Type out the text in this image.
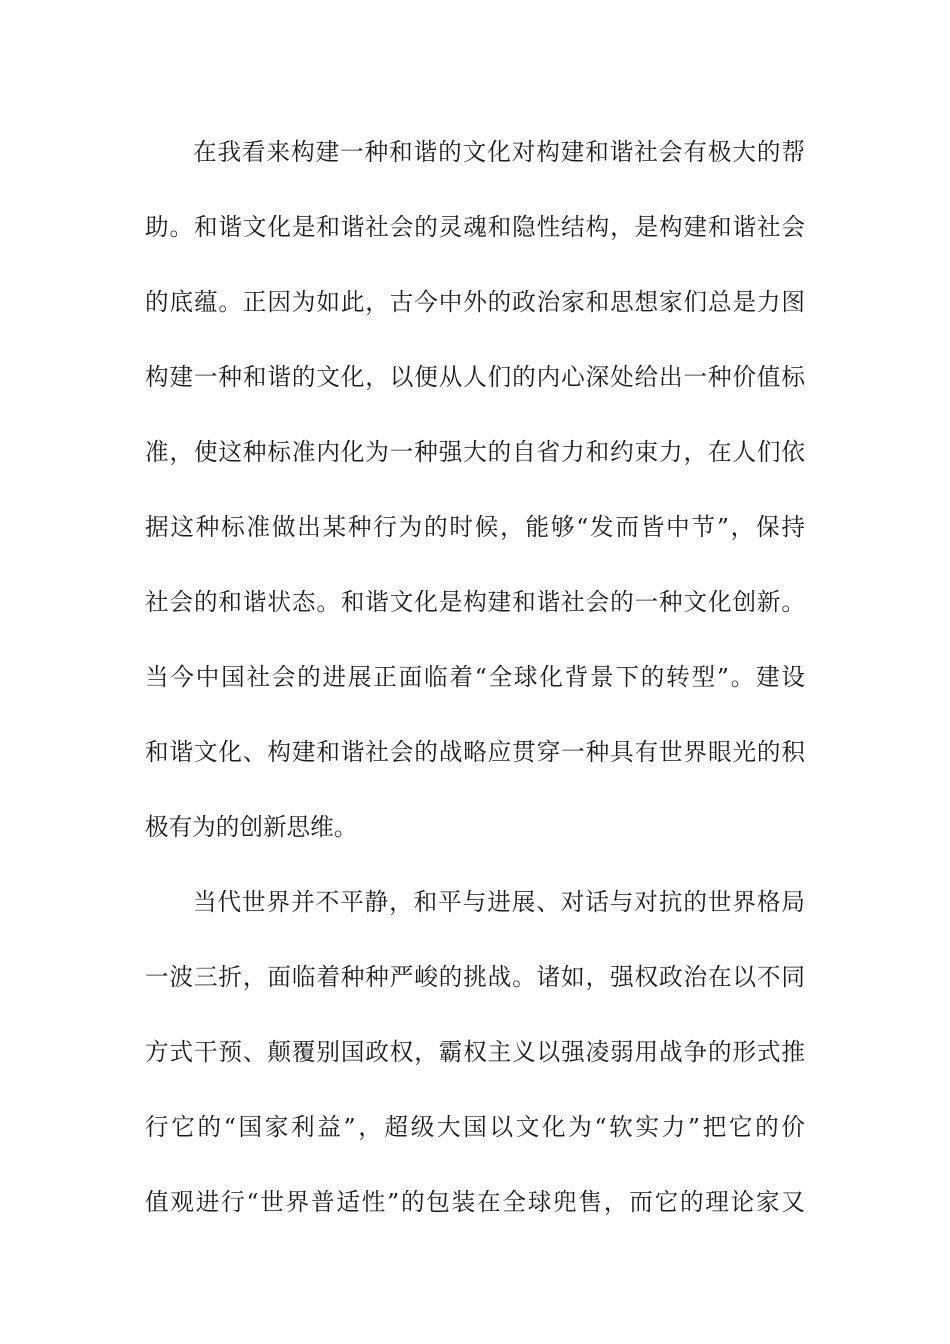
在我看来构建一种和谐的文化对构建和谐社会有极大的帮
助。和谐文化是和谐社会的灵魂和隐性结构，是构建和谐社会
的底蕴。正因为如此，古今中外的政治家和思想家们总是力图
构建一种和谐的文化，以便从人们的内心深处给出一种价值标
准，使这种标准内化为一种强大的自省力和约束力，在人们依
据这种标准做出某种行为的时候，能够“发而皆中节”，保持
社会的和谐状态。和谐文化是构建和谐社会的一种文化创新。
当今中国社会的进展正面临着“全球化背景下的转型”。建设
和谐文化、构建和谐社会的战略应贯穿一种具有世界眼光的积
极有为的创新思维。
当代世界并不平静，和平与进展、对话与对抗的世界格局
一波三折，面临着种种严峻的挑战。诸如，强权政治在以不同
方式干预、颠覆别国政权，霸权主义以强凌弱用战争的形式推
行它的“国家利益”，超级大国以文化为“软实力”把它的价
值观进行“世界普适性”的包装在全球兜售，而它的理论家又
